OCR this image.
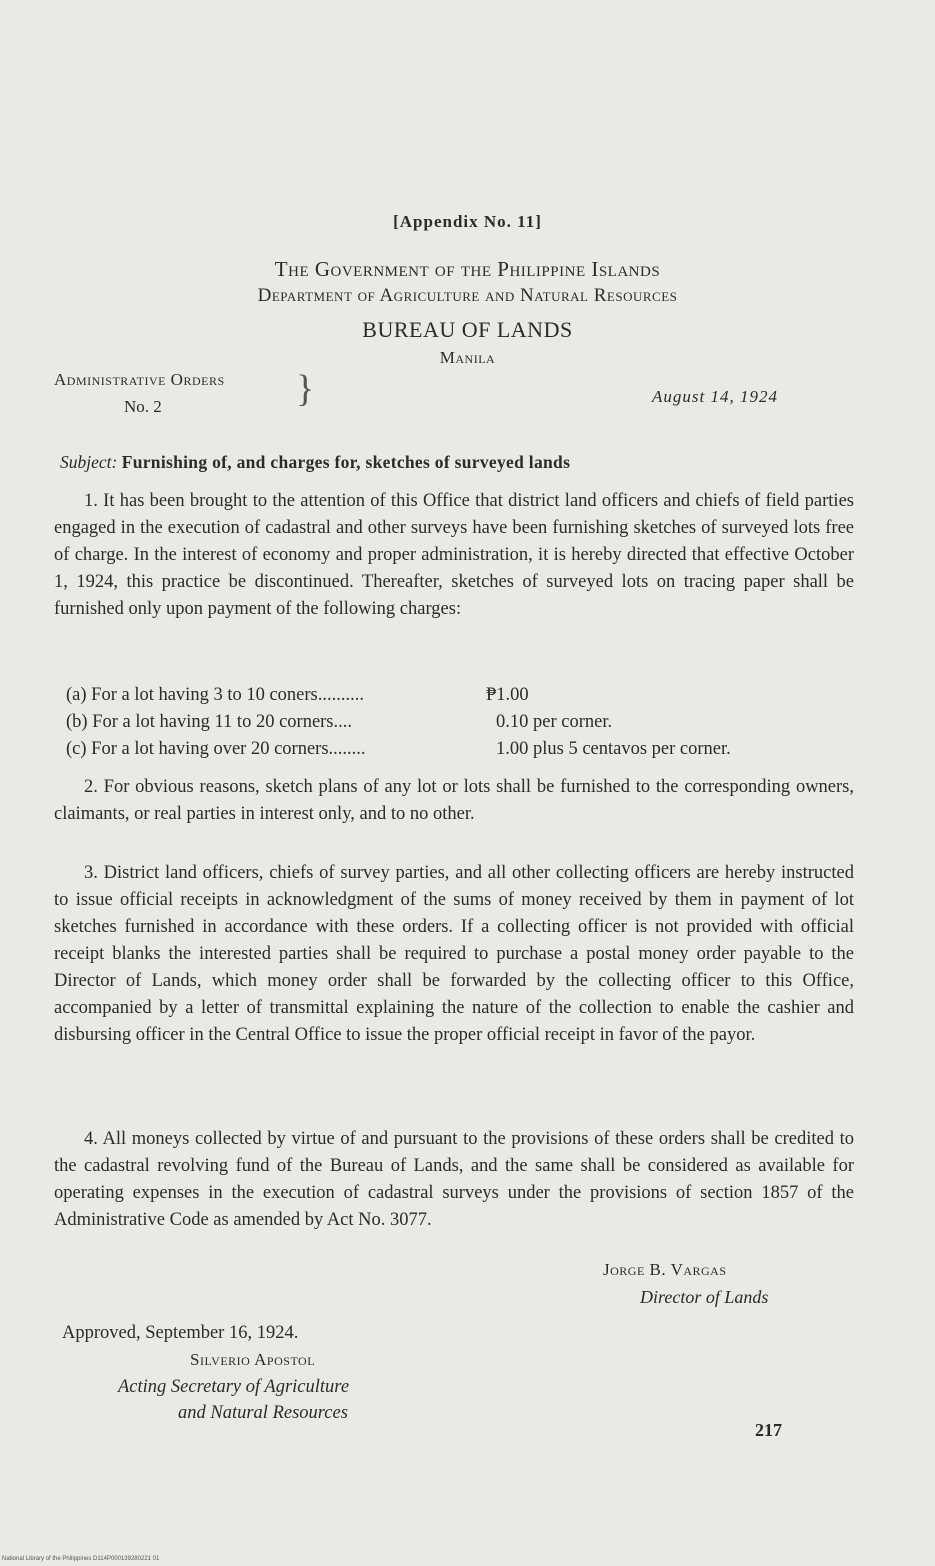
[Appendix No. 11]
The Government of the Philippine Islands
Department of Agriculture and Natural Resources
BUREAU OF LANDS
Manila
Administrative Orders
No. 2	}	August 14, 1924
Subject: Furnishing of, and charges for, sketches of surveyed lands

1. It has been brought to the attention of this Office that district land officers and chiefs of field parties engaged in the execution of cadastral and other surveys have been furnishing sketches of surveyed lots free of charge. In the interest of economy and proper administration, it is hereby directed that effective October 1, 1924, this practice be discontinued. Thereafter, sketches of surveyed lots on tracing paper shall be furnished only upon payment of the following charges:

(a) For a lot having 3 to 10 coners..........	₱1.00
(b) For a lot having 11 to 20 corners....	0.10 per corner.
(c) For a lot having over 20 corners........	1.00 plus 5 centavos per corner.

2. For obvious reasons, sketch plans of any lot or lots shall be furnished to the corresponding owners, claimants, or real parties in interest only, and to no other.

3. District land officers, chiefs of survey parties, and all other collecting officers are hereby instructed to issue official receipts in acknowledgment of the sums of money received by them in payment of lot sketches furnished in accordance with these orders. If a collecting officer is not provided with official receipt blanks the interested parties shall be required to purchase a postal money order payable to the Director of Lands, which money order shall be forwarded by the collecting officer to this Office, accompanied by a letter of transmittal explaining the nature of the collection to enable the cashier and disbursing officer in the Central Office to issue the proper official receipt in favor of the payor.

4. All moneys collected by virtue of and pursuant to the provisions of these orders shall be credited to the cadastral revolving fund of the Bureau of Lands, and the same shall be considered as available for operating expenses in the execution of cadastral surveys under the provisions of section 1857 of the Administrative Code as amended by Act No. 3077.

Jorge B. Vargas
Director of Lands
Approved, September 16, 1924.
Silverio Apostol
Acting Secretary of Agriculture
and Natural Resources
217
National Library of the Philippines D114P000139280221 01
